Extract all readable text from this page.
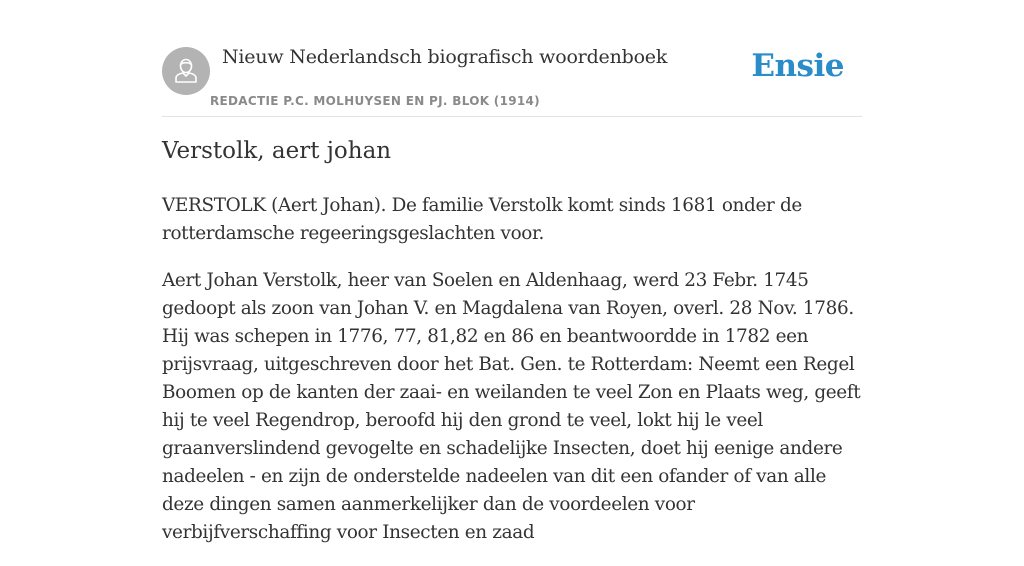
Nieuw Nederlandsch biografisch woordenboek
REDACTIE P.C. MOLHUYSEN EN PJ. BLOK (1914)
Ensie
Verstolk, aert johan

VERSTOLK (Aert Johan). De familie Verstolk komt sinds 1681 onder de rotterdamsche regeeringsgeslachten voor.

Aert Johan Verstolk, heer van Soelen en Aldenhaag, werd 23 Febr. 1745 gedoopt als zoon van Johan V. en Magdalena van Royen, overl. 28 Nov. 1786. Hij was schepen in 1776, 77, 81,82 en 86 en beantwoordde in 1782 een prijsvraag, uitgeschreven door het Bat. Gen. te Rotterdam: Neemt een Regel Boomen op de kanten der zaai- en weilanden te veel Zon en Plaats weg, geeft hij te veel Regendrop, beroofd hij den grond te veel, lokt hij le veel graanverslindend gevogelte en schadelijke Insecten, doet hij eenige andere nadeelen - en zijn de onderstelde nadeelen van dit een ofander of van alle deze dingen samen aanmerkelijker dan de voordeelen voor verbijfverschaffing voor Insecten en zaad
